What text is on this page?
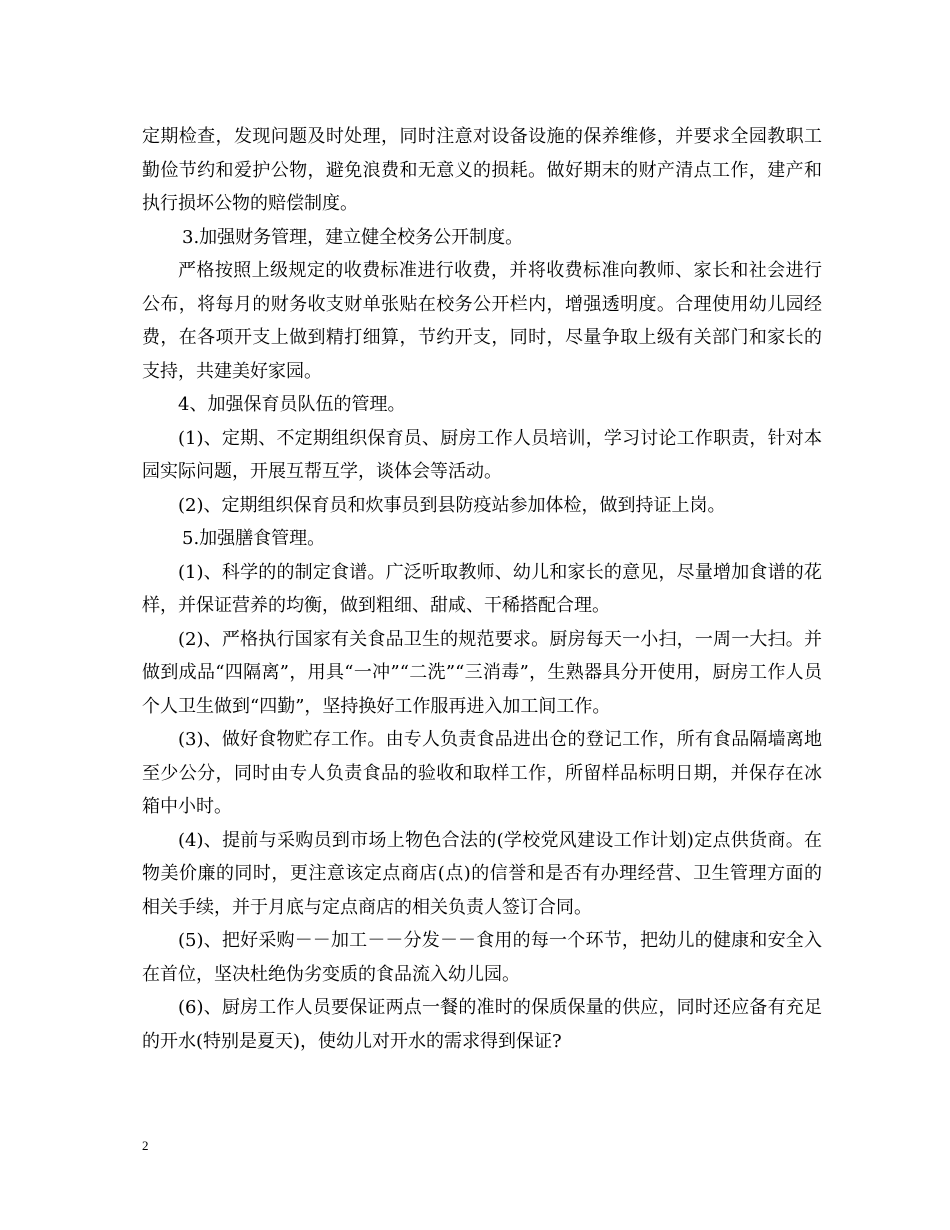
定期检查，发现问题及时处理，同时注意对设备设施的保养维修，并要求全园教职工勤俭节约和爱护公物，避免浪费和无意义的损耗。做好期末的财产清点工作，建产和执行损坏公物的赔偿制度。

3.加强财务管理，建立健全校务公开制度。

严格按照上级规定的收费标准进行收费，并将收费标准向教师、家长和社会进行公布，将每月的财务收支财单张贴在校务公开栏内，增强透明度。合理使用幼儿园经费，在各项开支上做到精打细算，节约开支，同时，尽量争取上级有关部门和家长的支持，共建美好家园。

4、加强保育员队伍的管理。

(1)、定期、不定期组织保育员、厨房工作人员培训，学习讨论工作职责，针对本园实际问题，开展互帮互学，谈体会等活动。

(2)、定期组织保育员和炊事员到县防疫站参加体检，做到持证上岗。

5.加强膳食管理。

(1)、科学的的制定食谱。广泛听取教师、幼儿和家长的意见，尽量增加食谱的花样，并保证营养的均衡，做到粗细、甜咸、干稀搭配合理。

(2)、严格执行国家有关食品卫生的规范要求。厨房每天一小扫，一周一大扫。并做到成品“四隔离”，用具“一冲”“二洗”“三消毒”，生熟器具分开使用，厨房工作人员个人卫生做到“四勤”，坚持换好工作服再进入加工间工作。

(3)、做好食物贮存工作。由专人负责食品进出仓的登记工作，所有食品隔墙离地至少公分，同时由专人负责食品的验收和取样工作，所留样品标明日期，并保存在冰箱中小时。

(4)、提前与采购员到市场上物色合法的(学校党风建设工作计划)定点供货商。在物美价廉的同时，更注意该定点商店(点)的信誉和是否有办理经营、卫生管理方面的相关手续，并于月底与定点商店的相关负责人签订合同。

(5)、把好采购－－加工－－分发－－食用的每一个环节，把幼儿的健康和安全入在首位，坚决杜绝伪劣变质的食品流入幼儿园。

(6)、厨房工作人员要保证两点一餐的准时的保质保量的供应，同时还应备有充足的开水(特别是夏天)，使幼儿对开水的需求得到保证?

2
